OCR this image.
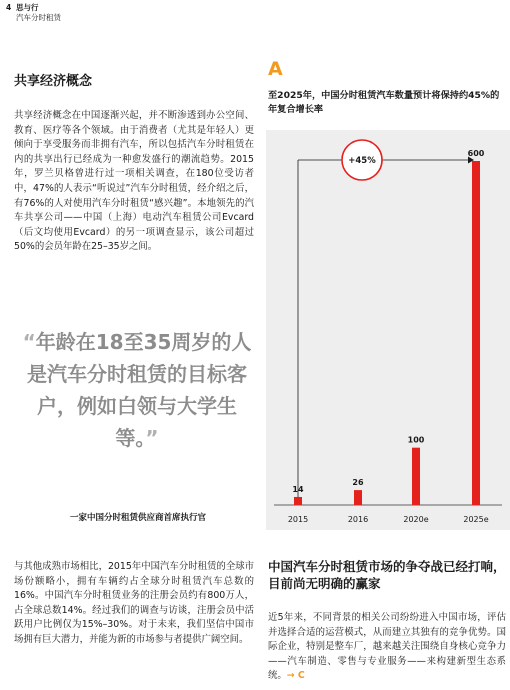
4 思与行
汽车分时租赁
共享经济概念

共享经济概念在中国逐渐兴起，并不断渗透到办公空间、教育、医疗等各个领域。由于消费者（尤其是年轻人）更倾向于享受服务而非拥有汽车，所以包括汽车分时租赁在内的共享出行已经成为一种愈发盛行的潮流趋势。2015年，罗兰贝格曾进行过一项相关调查，在180位受访者中，47%的人表示“听说过”汽车分时租赁，经介绍之后，有76%的人对使用汽车分时租赁“感兴趣”。本地领先的汽车共享公司——中国（上海）电动汽车租赁公司Evcard（后文均使用Evcard）的另一项调查显示，该公司超过50%的会员年龄在25–35岁之间。

“年龄在18至35周岁的人是汽车分时租赁的目标客户，例如白领与大学生等。”
一家中国分时租赁供应商首席执行官

与其他成熟市场相比，2015年中国汽车分时租赁的全球市场份额略小，拥有车辆约占全球分时租赁汽车总数的16%。中国汽车分时租赁业务的注册会员约有800万人，占全球总数14%。经过我们的调查与访谈，注册会员中活跃用户比例仅为15%–30%。对于未来，我们坚信中国市场拥有巨大潜力，并能为新的市场参与者提供广阔空间。

A
至2025年，中国分时租赁汽车数量预计将保持约45%的年复合增长率
14
2015
26
2016
100
2020e
600
2025e
+45%
中国汽车分时租赁市场的争夺战已经打响，目前尚无明确的赢家

近5年来，不同背景的相关公司纷纷进入中国市场，评估并选择合适的运营模式，从而建立其独有的竞争优势。国际企业，特别是整车厂，越来越关注围绕自身核心竞争力——汽车制造、零售与专业服务——来构建新型生态系统。→ C
